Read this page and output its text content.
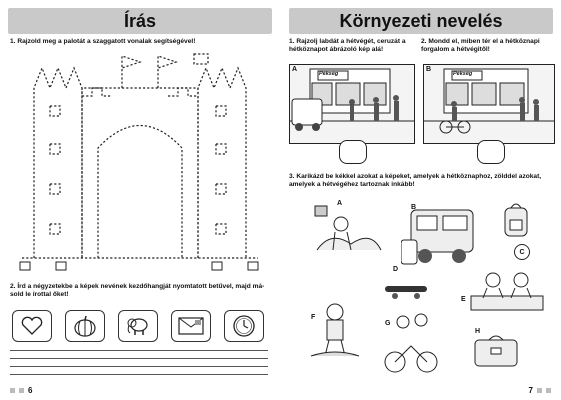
Írás
1. Rajzold meg a palotát a szaggatott vonalak segítségével!
2. Írd a négyzetekbe a képek nevének kezdőhangját nyomtatott betűvel, majd má-
sold le írottal őket!
6
Környezeti nevelés
1. Rajzolj labdát a hétvégét, ceruzát a hétköznapot ábrázoló kép alá!
2. Mondd el, miben tér el a hétköznapi forgalom a hétvégitől!
A
Pékség
B
Pékség
3. Karikázd be kékkel azokat a képeket, amelyek a hétköznaphoz, zölddel azokat, amelyek a hétvégéhez tartoznak inkább!
A
B
C
D
E
F
G
H
7
